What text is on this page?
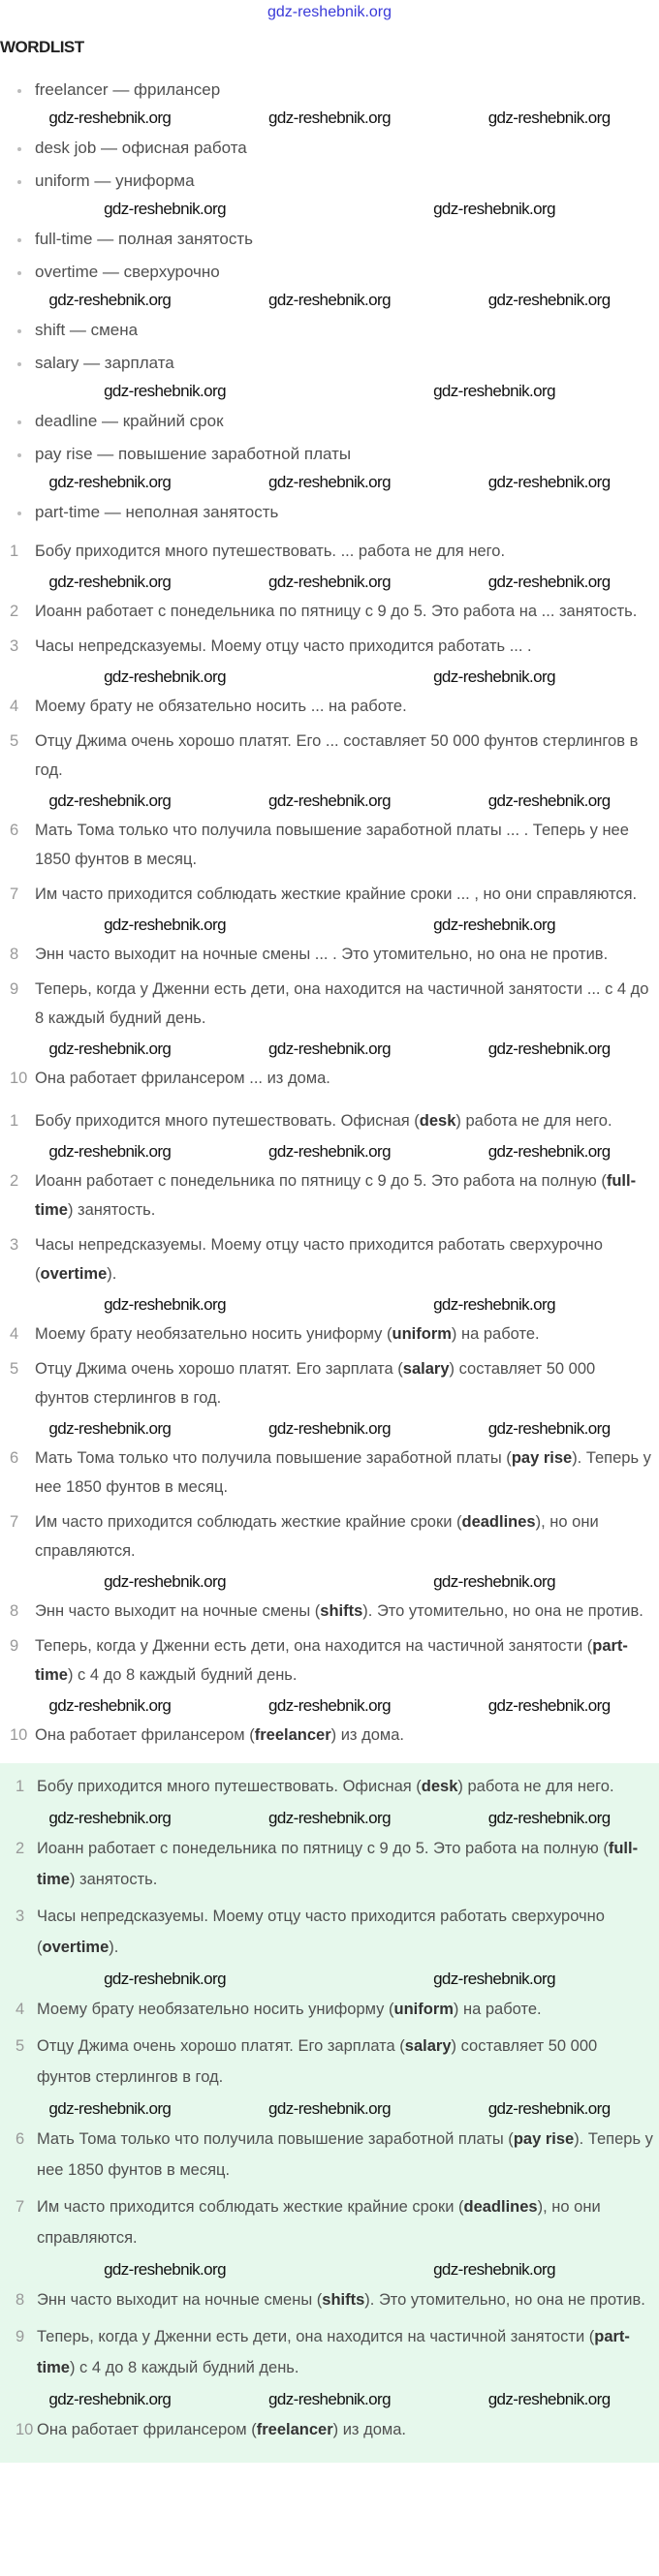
gdz-reshebnik.org
WORDLIST
freelancer — фрилансер
gdz-reshebnik.org	gdz-reshebnik.org	gdz-reshebnik.org
desk job — офисная работа
uniform — униформа
gdz-reshebnik.org	gdz-reshebnik.org
full-time — полная занятость
overtime — сверхурочно
gdz-reshebnik.org	gdz-reshebnik.org	gdz-reshebnik.org
shift — смена
salary — зарплата
gdz-reshebnik.org	gdz-reshebnik.org
deadline — крайний срок
pay rise — повышение заработной платы
gdz-reshebnik.org	gdz-reshebnik.org	gdz-reshebnik.org
part-time — неполная занятость
1	Бобу приходится много путешествовать. ... работа не для него.
gdz-reshebnik.org	gdz-reshebnik.org	gdz-reshebnik.org
2	Иоанн работает с понедельника по пятницу с 9 до 5. Это работа на ... занятость.
3	Часы непредсказуемы. Моему отцу часто приходится работать ... .
gdz-reshebnik.org	gdz-reshebnik.org
4	Моему брату не обязательно носить ... на работе.
5	Отцу Джима очень хорошо платят. Его ... составляет 50 000 фунтов стерлингов в год.
gdz-reshebnik.org	gdz-reshebnik.org	gdz-reshebnik.org
6	Мать Тома только что получила повышение заработной платы ... . Теперь у нее 1850 фунтов в месяц.
7	Им часто приходится соблюдать жесткие крайние сроки ... , но они справляются.
gdz-reshebnik.org	gdz-reshebnik.org
8	Энн часто выходит на ночные смены ... . Это утомительно, но она не против.
9	Теперь, когда у Дженни есть дети, она находится на частичной занятости ... с 4 до 8 каждый будний день.
gdz-reshebnik.org	gdz-reshebnik.org	gdz-reshebnik.org
10 Она работает фрилансером ... из дома.
1	Бобу приходится много путешествовать. Офисная (desk) работа не для него.
gdz-reshebnik.org	gdz-reshebnik.org	gdz-reshebnik.org
2	Иоанн работает с понедельника по пятницу с 9 до 5. Это работа на полную (full-time) занятость.
3	Часы непредсказуемы. Моему отцу часто приходится работать сверхурочно (overtime).
gdz-reshebnik.org	gdz-reshebnik.org
4	Моему брату необязательно носить униформу (uniform) на работе.
5	Отцу Джима очень хорошо платят. Его зарплата (salary) составляет 50 000 фунтов стерлингов в год.
gdz-reshebnik.org	gdz-reshebnik.org	gdz-reshebnik.org
6	Мать Тома только что получила повышение заработной платы (pay rise). Теперь у нее 1850 фунтов в месяц.
7	Им часто приходится соблюдать жесткие крайние сроки (deadlines), но они справляются.
gdz-reshebnik.org	gdz-reshebnik.org
8	Энн часто выходит на ночные смены (shifts). Это утомительно, но она не против.
9	Теперь, когда у Дженни есть дети, она находится на частичной занятости (part-time) с 4 до 8 каждый будний день.
gdz-reshebnik.org	gdz-reshebnik.org	gdz-reshebnik.org
10 Она работает фрилансером (freelancer) из дома.
1 Бобу приходится много путешествовать. Офисная (desk) работа не для него.
gdz-reshebnik.org	gdz-reshebnik.org	gdz-reshebnik.org
2 Иоанн работает с понедельника по пятницу с 9 до 5. Это работа на полную (full-time) занятость.
3 Часы непредсказуемы. Моему отцу часто приходится работать сверхурочно (overtime).
gdz-reshebnik.org	gdz-reshebnik.org
4 Моему брату необязательно носить униформу (uniform) на работе.
5 Отцу Джима очень хорошо платят. Его зарплата (salary) составляет 50 000 фунтов стерлингов в год.
gdz-reshebnik.org	gdz-reshebnik.org	gdz-reshebnik.org
6 Мать Тома только что получила повышение заработной платы (pay rise). Теперь у нее 1850 фунтов в месяц.
7 Им часто приходится соблюдать жесткие крайние сроки (deadlines), но они справляются.
gdz-reshebnik.org	gdz-reshebnik.org
8 Энн часто выходит на ночные смены (shifts). Это утомительно, но она не против.
9 Теперь, когда у Дженни есть дети, она находится на частичной занятости (part-time) с 4 до 8 каждый будний день.
gdz-reshebnik.org	gdz-reshebnik.org	gdz-reshebnik.org
10 Она работает фрилансером (freelancer) из дома.
